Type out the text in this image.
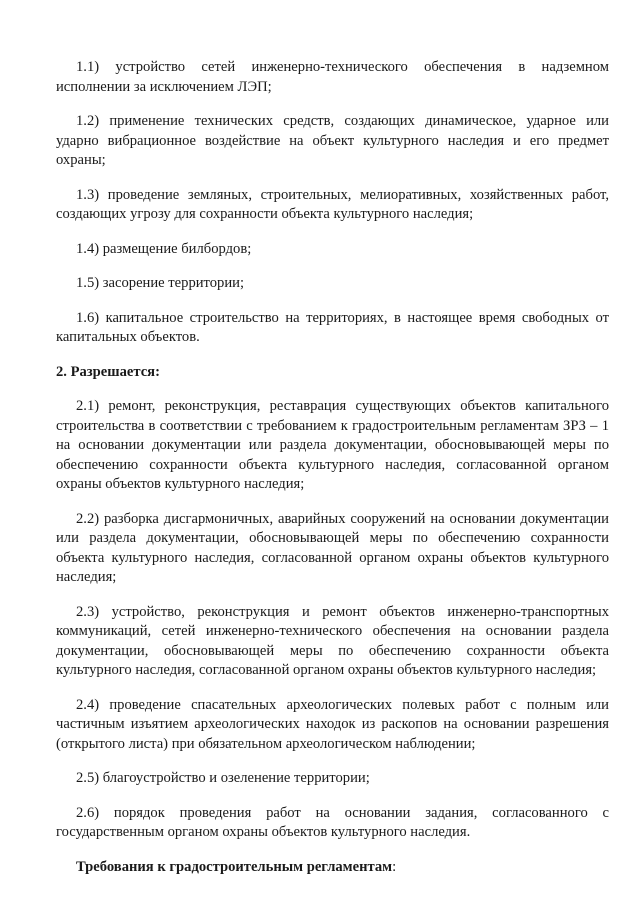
1.1) устройство сетей инженерно-технического обеспечения в надземном исполнении за исключением ЛЭП;

1.2) применение технических средств, создающих динамическое, ударное или ударно вибрационное воздействие на объект культурного наследия и его предмет охраны;

1.3) проведение земляных, строительных, мелиоративных, хозяйственных работ, создающих угрозу для сохранности объекта культурного наследия;

1.4) размещение билбордов;

1.5) засорение территории;

1.6) капитальное строительство на территориях, в настоящее время свободных от капитальных объектов.

2. Разрешается:

2.1) ремонт, реконструкция, реставрация существующих объектов капитального строительства в соответствии с требованием к градостроительным регламентам ЗРЗ – 1 на основании документации или раздела документации, обосновывающей меры по обеспечению сохранности объекта культурного наследия, согласованной органом охраны объектов культурного наследия;

2.2) разборка дисгармоничных, аварийных сооружений на основании документации или раздела документации, обосновывающей меры по обеспечению сохранности объекта культурного наследия, согласованной органом охраны объектов культурного наследия;

2.3) устройство, реконструкция и ремонт объектов инженерно-транспортных коммуникаций, сетей инженерно-технического обеспечения на основании раздела документации, обосновывающей меры по обеспечению сохранности объекта культурного наследия, согласованной органом охраны объектов культурного наследия;

2.4) проведение спасательных археологических полевых работ с полным или частичным изъятием археологических находок из раскопов на основании разрешения (открытого листа) при обязательном археологическом наблюдении;

2.5) благоустройство и озеленение территории;

2.6) порядок проведения работ на основании задания, согласованного с государственным органом охраны объектов культурного наследия.

Требования к градостроительным регламентам:
